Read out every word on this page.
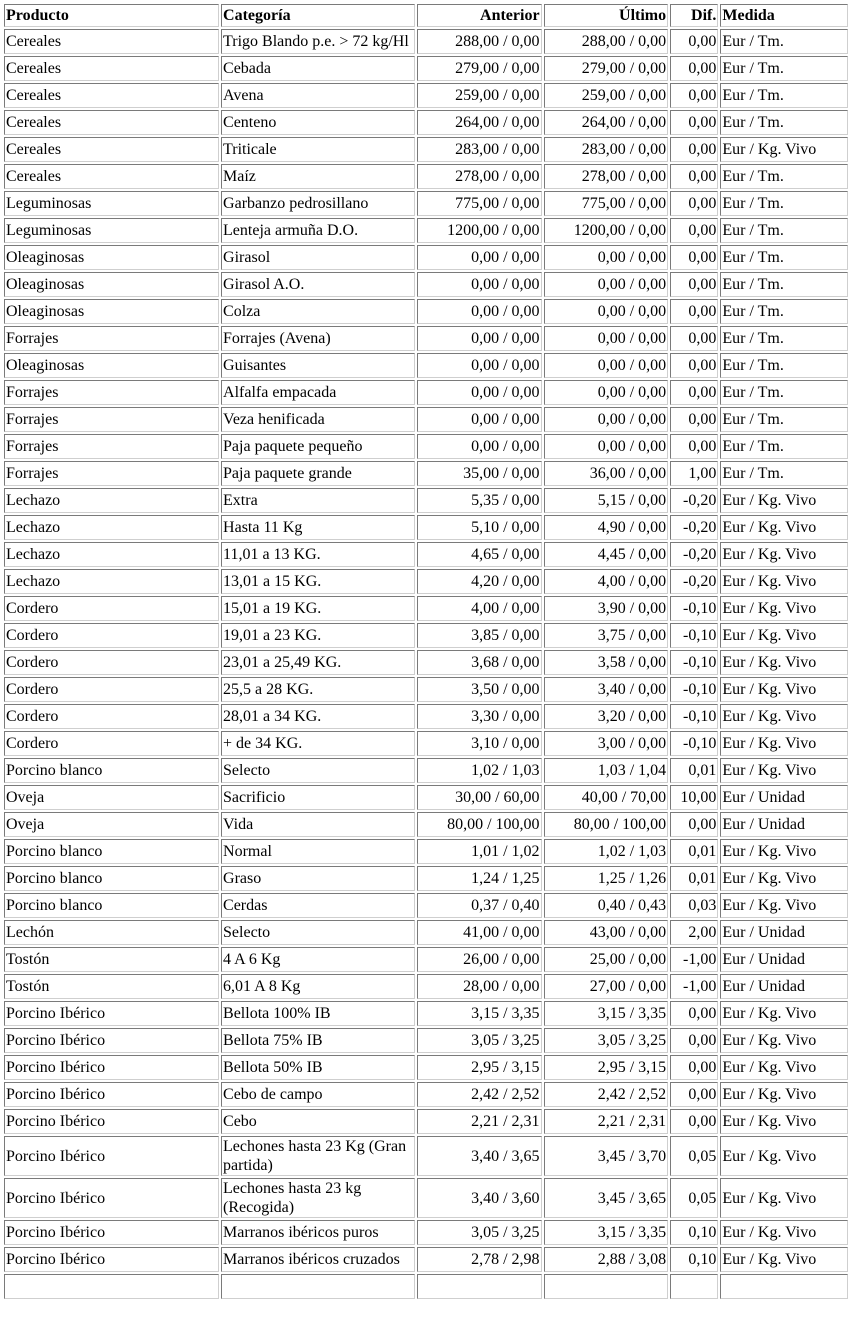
Producto	Categoría	Anterior	Último	Dif.	Medida
Cereales	Trigo Blando p.e. > 72 kg/Hl	288,00 / 0,00	288,00 / 0,00	0,00	Eur / Tm.
Cereales	Cebada	279,00 / 0,00	279,00 / 0,00	0,00	Eur / Tm.
Cereales	Avena	259,00 / 0,00	259,00 / 0,00	0,00	Eur / Tm.
Cereales	Centeno	264,00 / 0,00	264,00 / 0,00	0,00	Eur / Tm.
Cereales	Triticale	283,00 / 0,00	283,00 / 0,00	0,00	Eur / Kg. Vivo
Cereales	Maíz	278,00 / 0,00	278,00 / 0,00	0,00	Eur / Tm.
Leguminosas	Garbanzo pedrosillano	775,00 / 0,00	775,00 / 0,00	0,00	Eur / Tm.
Leguminosas	Lenteja armuña D.O.	1200,00 / 0,00	1200,00 / 0,00	0,00	Eur / Tm.
Oleaginosas	Girasol	0,00 / 0,00	0,00 / 0,00	0,00	Eur / Tm.
Oleaginosas	Girasol A.O.	0,00 / 0,00	0,00 / 0,00	0,00	Eur / Tm.
Oleaginosas	Colza	0,00 / 0,00	0,00 / 0,00	0,00	Eur / Tm.
Forrajes	Forrajes (Avena)	0,00 / 0,00	0,00 / 0,00	0,00	Eur / Tm.
Oleaginosas	Guisantes	0,00 / 0,00	0,00 / 0,00	0,00	Eur / Tm.
Forrajes	Alfalfa empacada	0,00 / 0,00	0,00 / 0,00	0,00	Eur / Tm.
Forrajes	Veza henificada	0,00 / 0,00	0,00 / 0,00	0,00	Eur / Tm.
Forrajes	Paja paquete pequeño	0,00 / 0,00	0,00 / 0,00	0,00	Eur / Tm.
Forrajes	Paja paquete grande	35,00 / 0,00	36,00 / 0,00	1,00	Eur / Tm.
Lechazo	Extra	5,35 / 0,00	5,15 / 0,00	-0,20	Eur / Kg. Vivo
Lechazo	Hasta 11 Kg	5,10 / 0,00	4,90 / 0,00	-0,20	Eur / Kg. Vivo
Lechazo	11,01 a 13 KG.	4,65 / 0,00	4,45 / 0,00	-0,20	Eur / Kg. Vivo
Lechazo	13,01 a 15 KG.	4,20 / 0,00	4,00 / 0,00	-0,20	Eur / Kg. Vivo
Cordero	15,01 a 19 KG.	4,00 / 0,00	3,90 / 0,00	-0,10	Eur / Kg. Vivo
Cordero	19,01 a 23 KG.	3,85 / 0,00	3,75 / 0,00	-0,10	Eur / Kg. Vivo
Cordero	23,01 a 25,49 KG.	3,68 / 0,00	3,58 / 0,00	-0,10	Eur / Kg. Vivo
Cordero	25,5 a 28 KG.	3,50 / 0,00	3,40 / 0,00	-0,10	Eur / Kg. Vivo
Cordero	28,01 a 34 KG.	3,30 / 0,00	3,20 / 0,00	-0,10	Eur / Kg. Vivo
Cordero	+ de 34 KG.	3,10 / 0,00	3,00 / 0,00	-0,10	Eur / Kg. Vivo
Porcino blanco	Selecto	1,02 / 1,03	1,03 / 1,04	0,01	Eur / Kg. Vivo
Oveja	Sacrificio	30,00 / 60,00	40,00 / 70,00	10,00	Eur / Unidad
Oveja	Vida	80,00 / 100,00	80,00 / 100,00	0,00	Eur / Unidad
Porcino blanco	Normal	1,01 / 1,02	1,02 / 1,03	0,01	Eur / Kg. Vivo
Porcino blanco	Graso	1,24 / 1,25	1,25 / 1,26	0,01	Eur / Kg. Vivo
Porcino blanco	Cerdas	0,37 / 0,40	0,40 / 0,43	0,03	Eur / Kg. Vivo
Lechón	Selecto	41,00 / 0,00	43,00 / 0,00	2,00	Eur / Unidad
Tostón	4 A 6 Kg	26,00 / 0,00	25,00 / 0,00	-1,00	Eur / Unidad
Tostón	6,01 A 8 Kg	28,00 / 0,00	27,00 / 0,00	-1,00	Eur / Unidad
Porcino Ibérico	Bellota 100% IB	3,15 / 3,35	3,15 / 3,35	0,00	Eur / Kg. Vivo
Porcino Ibérico	Bellota 75% IB	3,05 / 3,25	3,05 / 3,25	0,00	Eur / Kg. Vivo
Porcino Ibérico	Bellota 50% IB	2,95 / 3,15	2,95 / 3,15	0,00	Eur / Kg. Vivo
Porcino Ibérico	Cebo de campo	2,42 / 2,52	2,42 / 2,52	0,00	Eur / Kg. Vivo
Porcino Ibérico	Cebo	2,21 / 2,31	2,21 / 2,31	0,00	Eur / Kg. Vivo
Porcino Ibérico	Lechones hasta 23 Kg (Gran partida)	3,40 / 3,65	3,45 / 3,70	0,05	Eur / Kg. Vivo
Porcino Ibérico	Lechones hasta 23 kg (Recogida)	3,40 / 3,60	3,45 / 3,65	0,05	Eur / Kg. Vivo
Porcino Ibérico	Marranos ibéricos puros	3,05 / 3,25	3,15 / 3,35	0,10	Eur / Kg. Vivo
Porcino Ibérico	Marranos ibéricos cruzados	2,78 / 2,98	2,88 / 3,08	0,10	Eur / Kg. Vivo
